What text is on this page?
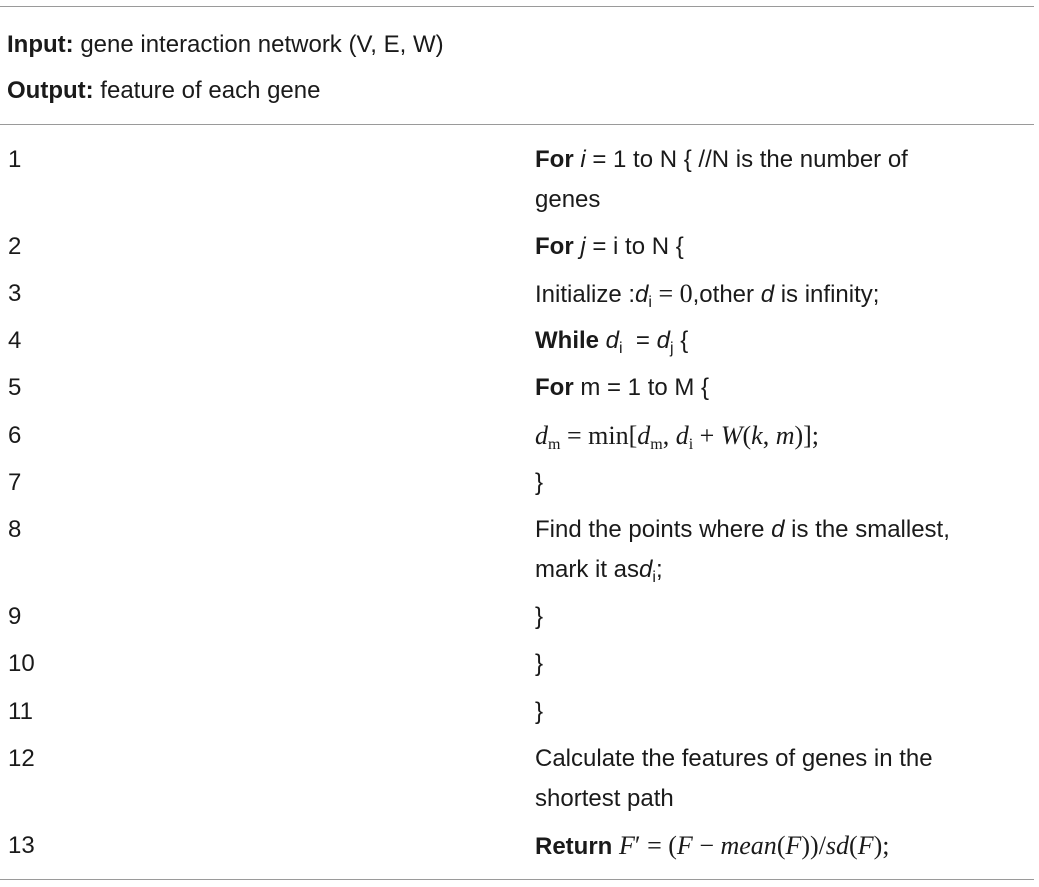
Input: gene interaction network (V, E, W)
Output: feature of each gene
1	For i = 1 to N { //N is the number of
genes
2	For j = i to N {
3	Initialize $:d_i$ = 0,other d is infinity;
4	While $d_i = d_j$ {
5	For m = 1 to M {
6	$d_m = \min[d_m$, $d_i + W(k$, m)];
7	}
8	Find the points where d is the smallest,
mark it asd$_i$;
9	}
10	}
11	}
12	Calculate the features of genes in the
shortest path
13	Return F′ = (F − mean(F))/sd(F);
